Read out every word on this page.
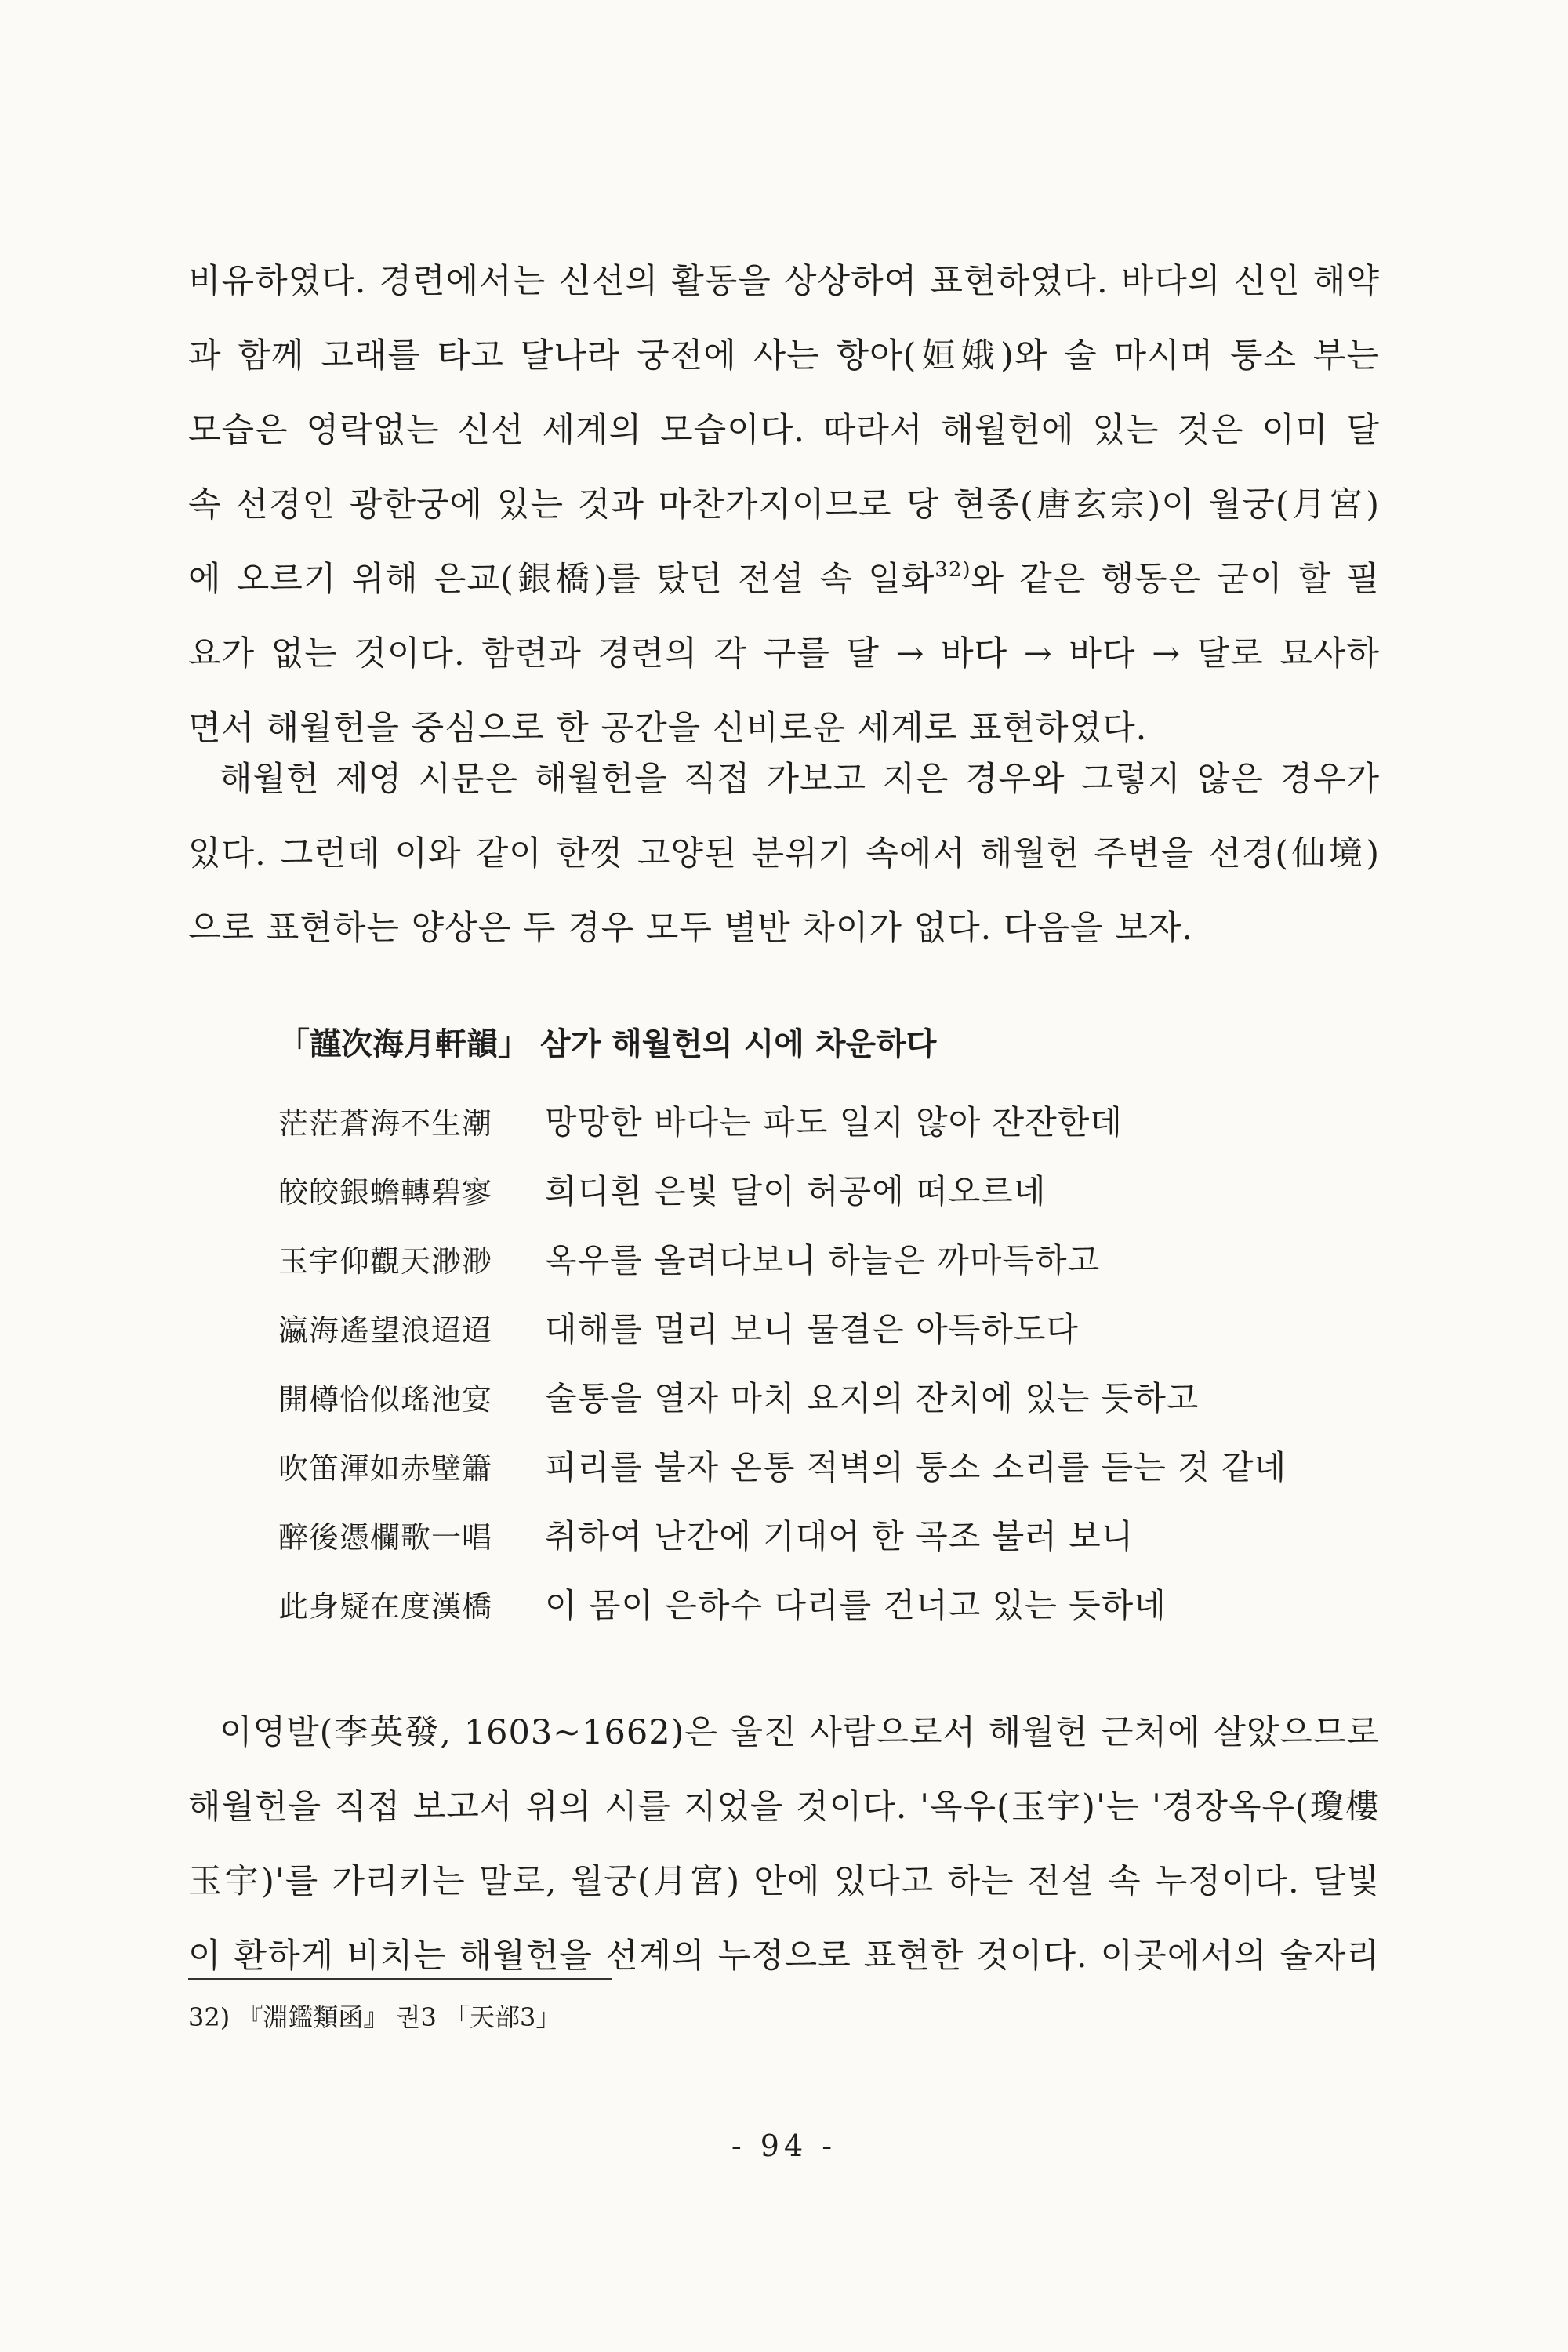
비유하였다. 경련에서는 신선의 활동을 상상하여 표현하였다. 바다의 신인 해약
과 함께 고래를 타고 달나라 궁전에 사는 항아(姮娥)와 술 마시며 퉁소 부는
모습은 영락없는 신선 세계의 모습이다. 따라서 해월헌에 있는 것은 이미 달
속 선경인 광한궁에 있는 것과 마찬가지이므로 당 현종(唐玄宗)이 월궁(月宮)
에 오르기 위해 은교(銀橋)를 탔던 전설 속 일화$^{32)}$와 같은 행동은 굳이 할 필
요가 없는 것이다. 함련과 경련의 각 구를 달 → 바다 → 바다 → 달로 묘사하
면서 해월헌을 중심으로 한 공간을 신비로운 세계로 표현하였다.
해월헌 제영 시문은 해월헌을 직접 가보고 지은 경우와 그렇지 않은 경우가
있다. 그런데 이와 같이 한껏 고양된 분위기 속에서 해월헌 주변을 선경(仙境)
으로 표현하는 양상은 두 경우 모두 별반 차이가 없다. 다음을 보자.
「謹次海月軒韻」 삼가 해월헌의 시에 차운하다
茫茫蒼海不生潮	망망한 바다는 파도 일지 않아 잔잔한데
皎皎銀蟾轉碧寥	희디흰 은빛 달이 허공에 떠오르네
玉宇仰觀天渺渺	옥우를 올려다보니 하늘은 까마득하고
瀛海遙望浪迢迢	대해를 멀리 보니 물결은 아득하도다
開樽恰似瑤池宴	술통을 열자 마치 요지의 잔치에 있는 듯하고
吹笛渾如赤壁簫	피리를 불자 온통 적벽의 퉁소 소리를 듣는 것 같네
醉後憑欄歌一唱	취하여 난간에 기대어 한 곡조 불러 보니
此身疑在度漢橋	이 몸이 은하수 다리를 건너고 있는 듯하네
이영발(李英發, 1603~1662)은 울진 사람으로서 해월헌 근처에 살았으므로
해월헌을 직접 보고서 위의 시를 지었을 것이다. '옥우(玉宇)'는 '경장옥우(瓊樓
玉宇)'를 가리키는 말로, 월궁(月宮) 안에 있다고 하는 전설 속 누정이다. 달빛
이 환하게 비치는 해월헌을 선계의 누정으로 표현한 것이다. 이곳에서의 술자리
32) 『淵鑑類函』 권3 「天部3」
- 94 -
